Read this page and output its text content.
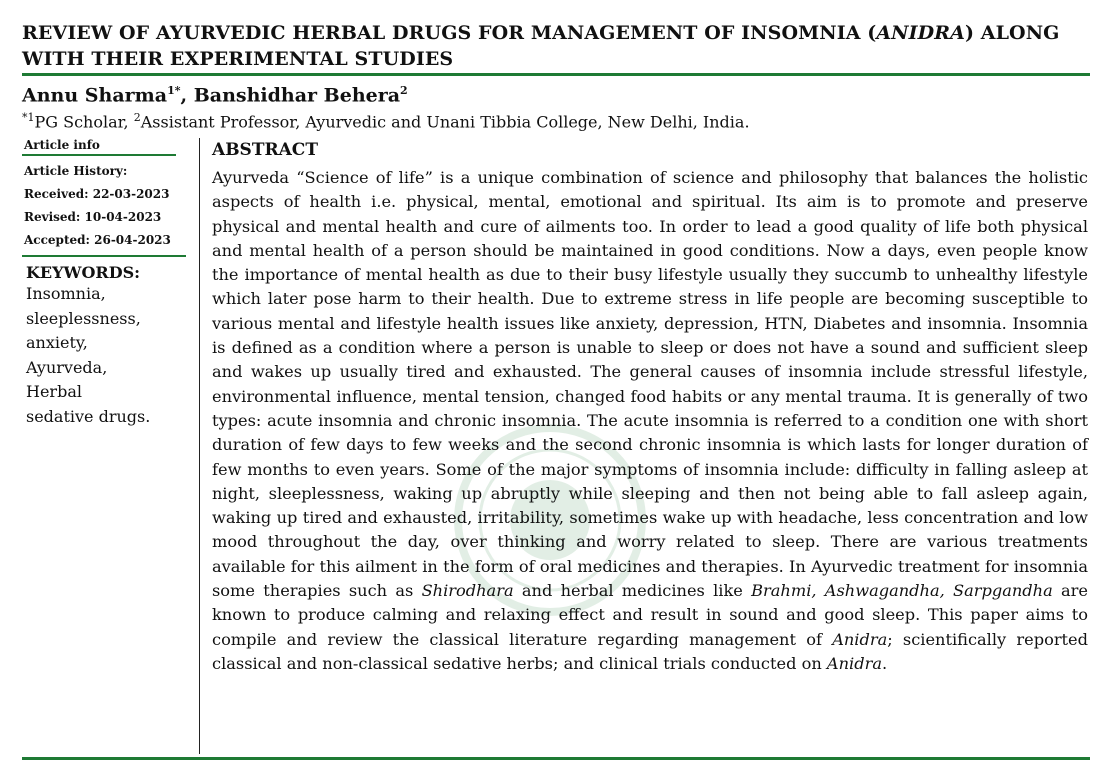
REVIEW OF AYURVEDIC HERBAL DRUGS FOR MANAGEMENT OF INSOMNIA (ANIDRA) ALONG WITH THEIR EXPERIMENTAL STUDIES

Annu Sharma$^{1*}$, Banshidhar Behera$^2$

$^{*1}$PG Scholar, $^2$Assistant Professor, Ayurvedic and Unani Tibbia College, New Delhi, India.

Article info
Article History:
Received: 22-03-2023
Revised: 10-04-2023
Accepted: 26-04-2023
KEYWORDS:
Insomnia,
sleeplessness,
anxiety,
Ayurveda,
Herbal
sedative drugs.
ABSTRACT

Ayurveda “Science of life” is a unique combination of science and philosophy that balances the holistic aspects of health i.e. physical, mental, emotional and spiritual. Its aim is to promote and preserve physical and mental health and cure of ailments too. In order to lead a good quality of life both physical and mental health of a person should be maintained in good conditions. Now a days, even people know the importance of mental health as due to their busy lifestyle usually they succumb to unhealthy lifestyle which later pose harm to their health. Due to extreme stress in life people are becoming susceptible to various mental and lifestyle health issues like anxiety, depression, HTN, Diabetes and insomnia. Insomnia is defined as a condition where a person is unable to sleep or does not have a sound and sufficient sleep and wakes up usually tired and exhausted. The general causes of insomnia include stressful lifestyle, environmental influence, mental tension, changed food habits or any mental trauma. It is generally of two types: acute insomnia and chronic insomnia. The acute insomnia is referred to a condition one with short duration of few days to few weeks and the second chronic insomnia is which lasts for longer duration of few months to even years. Some of the major symptoms of insomnia include: difficulty in falling asleep at night, sleeplessness, waking up abruptly while sleeping and then not being able to fall asleep again, waking up tired and exhausted, irritability, sometimes wake up with headache, less concentration and low mood throughout the day, over thinking and worry related to sleep. There are various treatments available for this ailment in the form of oral medicines and therapies. In Ayurvedic treatment for insomnia some therapies such as Shirodhara and herbal medicines like Brahmi, Ashwagandha, Sarpgandha are known to produce calming and relaxing effect and result in sound and good sleep. This paper aims to compile and review the classical literature regarding management of Anidra; scientifically reported classical and non-classical sedative herbs; and clinical trials conducted on Anidra.
